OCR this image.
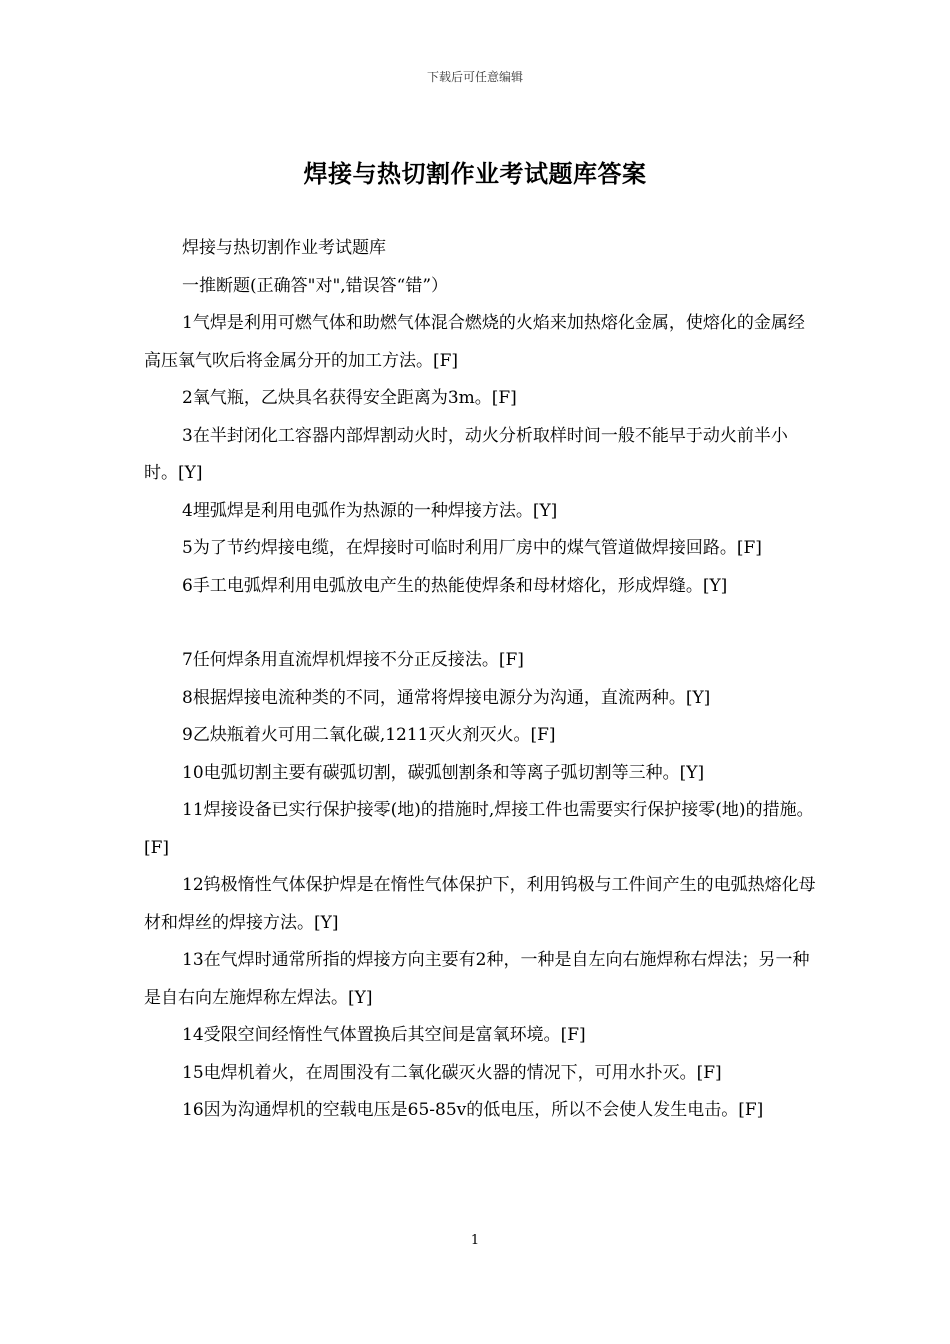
下载后可任意编辑
焊接与热切割作业考试题库答案

焊接与热切割作业考试题库

一推断题(正确答"对",错误答“错”）

1气焊是利用可燃气体和助燃气体混合燃烧的火焰来加热熔化金属，使熔化的金属经高压氧气吹后将金属分开的加工方法。[F]

2氧气瓶，乙炔具名获得安全距离为3m。[F]

3在半封闭化工容器内部焊割动火时，动火分析取样时间一般不能早于动火前半小时。[Y]

4埋弧焊是利用电弧作为热源的一种焊接方法。[Y]

5为了节约焊接电缆，在焊接时可临时利用厂房中的煤气管道做焊接回路。[F]

6手工电弧焊利用电弧放电产生的热能使焊条和母材熔化，形成焊缝。[Y]

7任何焊条用直流焊机焊接不分正反接法。[F]

8根据焊接电流种类的不同，通常将焊接电源分为沟通，直流两种。[Y]

9乙炔瓶着火可用二氧化碳,1211灭火剂灭火。[F]

10电弧切割主要有碳弧切割，碳弧刨割条和等离子弧切割等三种。[Y]

11焊接设备已实行保护接零(地)的措施时,焊接工件也需要实行保护接零(地)的措施。[F]

12钨极惰性气体保护焊是在惰性气体保护下，利用钨极与工件间产生的电弧热熔化母材和焊丝的焊接方法。[Y]

13在气焊时通常所指的焊接方向主要有2种，一种是自左向右施焊称右焊法；另一种是自右向左施焊称左焊法。[Y]

14受限空间经惰性气体置换后其空间是富氧环境。[F]

15电焊机着火，在周围没有二氧化碳灭火器的情况下，可用水扑灭。[F]

16因为沟通焊机的空载电压是65-85v的低电压，所以不会使人发生电击。[F]

1
